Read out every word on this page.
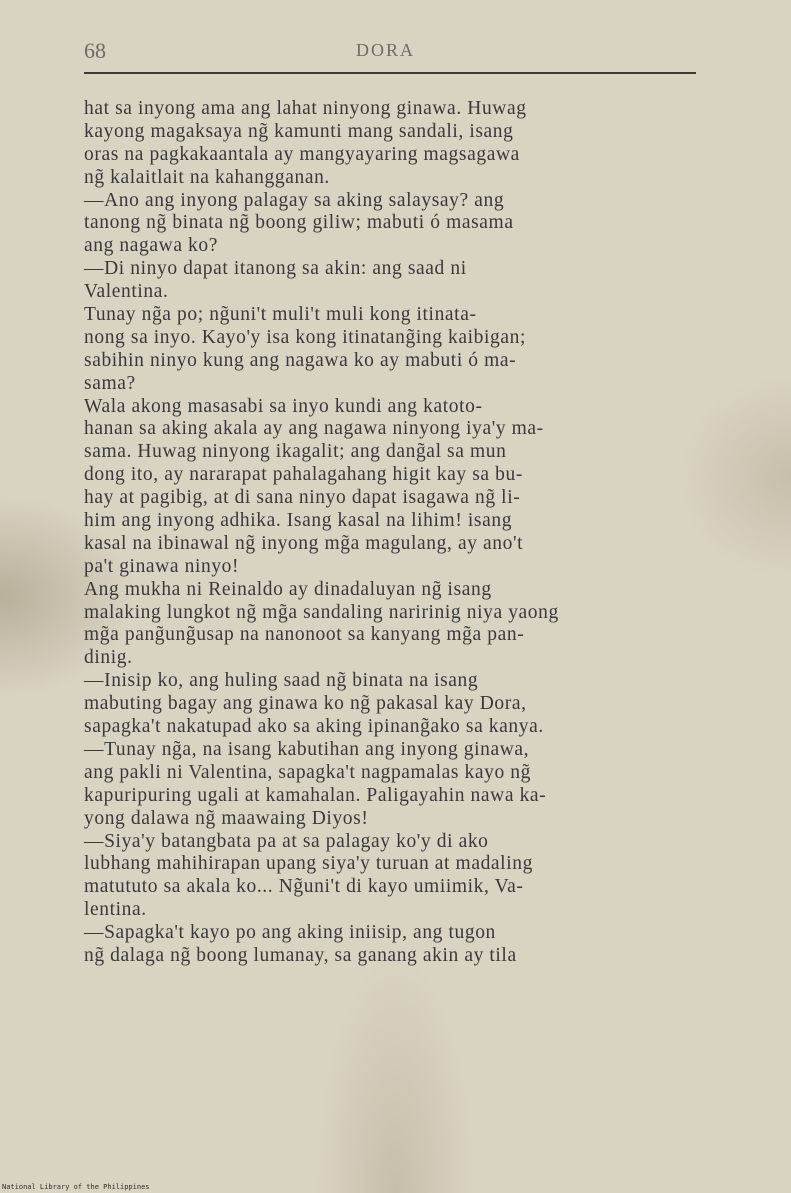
68	DORA
hat sa inyong ama ang lahat ninyong ginawa. Huwag
kayong magaksaya ng̃ kamunti mang sandali, isang
oras na pagkakaantala ay mangyayaring magsagawa
ng̃ kalaitlait na kahangganan.
—Ano ang inyong palagay sa aking salaysay? ang
tanong ng̃ binata ng̃ boong giliw; mabuti ó masama
ang nagawa ko?
—Di ninyo dapat itanong sa akin: ang saad ni
Valentina.
Tunay ng̃a po; ng̃uni't muli't muli kong itinata-
nong sa inyo. Kayo'y isa kong itinatang̃ing kaibigan;
sabihin ninyo kung ang nagawa ko ay mabuti ó ma-
sama?
Wala akong masasabi sa inyo kundi ang katoto-
hanan sa aking akala ay ang nagawa ninyong iya'y ma-
sama. Huwag ninyong ikagalit; ang dang̃al sa mun
dong ito, ay nararapat pahalagahang higit kay sa bu-
hay at pagibig, at di sana ninyo dapat isagawa ng̃ li-
him ang inyong adhika. Isang kasal na lihim! isang
kasal na ibinawal ng̃ inyong mg̃a magulang, ay ano't
pa't ginawa ninyo!
Ang mukha ni Reinaldo ay dinadaluyan ng̃ isang
malaking lungkot ng̃ mg̃a sandaling naririnig niya yaong
mg̃a pang̃ung̃usap na nanonoot sa kanyang mg̃a pan-
dinig.
—Inisip ko, ang huling saad ng̃ binata na isang
mabuting bagay ang ginawa ko ng̃ pakasal kay Dora,
sapagka't nakatupad ako sa aking ipinang̃ako sa kanya.
—Tunay ng̃a, na isang kabutihan ang inyong ginawa,
ang pakli ni Valentina, sapagka't nagpamalas kayo ng̃
kapuripuring ugali at kamahalan. Paligayahin nawa ka-
yong dalawa ng̃ maawaing Diyos!
—Siya'y batangbata pa at sa palagay ko'y di ako
lubhang mahihirapan upang siya'y turuan at madaling
matututo sa akala ko... Ng̃uni't di kayo umiimik, Va-
lentina.
—Sapagka't kayo po ang aking iniisip, ang tugon
ng̃ dalaga ng̃ boong lumanay, sa ganang akin ay tila
National Library of the Philippines
